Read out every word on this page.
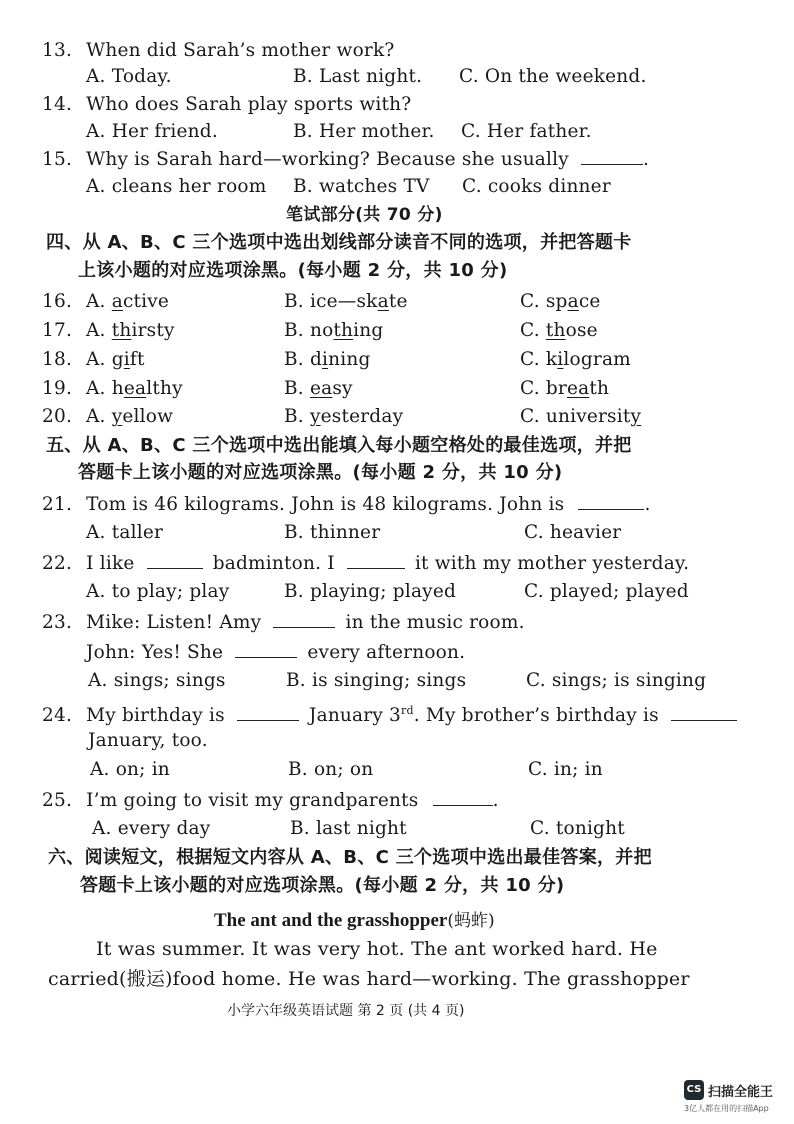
13. When did Sarah’s mother work?
A. Today.	B. Last night. C. On the weekend.
14. Who does Sarah play sports with?
A. Her friend.	B. Her mother. C. Her father.
15. Why is Sarah hard—working? Because she usually	.
A. cleans her room B. watches TV C. cooks dinner
笔试部分(共 70 分)
四、从 A、B、C 三个选项中选出划线部分读音不同的选项，并把答题卡
上该小题的对应选项涂黑。(每小题 2 分，共 10 分)
16. A. active	B. ice—skate	C. space
17. A. thirsty	B. nothing	C. those
18. A. gift	B. dining	C. kilogram
19. A. healthy	B. easy	C. breath
20. A. yellow	B. yesterday	C. university
五、从 A、B、C 三个选项中选出能填入每小题空格处的最佳选项，并把
答题卡上该小题的对应选项涂黑。(每小题 2 分，共 10 分)
21. Tom is 46 kilograms. John is 48 kilograms. John is	.
A. taller	B. thinner	C. heavier
22. I like	badminton. I	it with my mother yesterday.
A. to play; play	B. playing; played	C. played; played
23. Mike: Listen! Amy	in the music room.
John: Yes! She	every afternoon.
A. sings; sings	B. is singing; sings	C. sings; is singing
24. My birthday is	January 3rd. My brother’s birthday is
January, too.
A. on; in	B. on; on	C. in; in
25. I’m going to visit my grandparents	.
A. every day	B. last night	C. tonight
六、阅读短文，根据短文内容从 A、B、C 三个选项中选出最佳答案，并把
答题卡上该小题的对应选项涂黑。(每小题 2 分，共 10 分)
The ant and the grasshopper(蚂蚱)
It was summer. It was very hot. The ant worked hard. He
carried(搬运)food home. He was hard—working. The grasshopper
小学六年级英语试题 第 2 页 (共 4 页)
CS 扫描全能王
3亿人都在用的扫描App
